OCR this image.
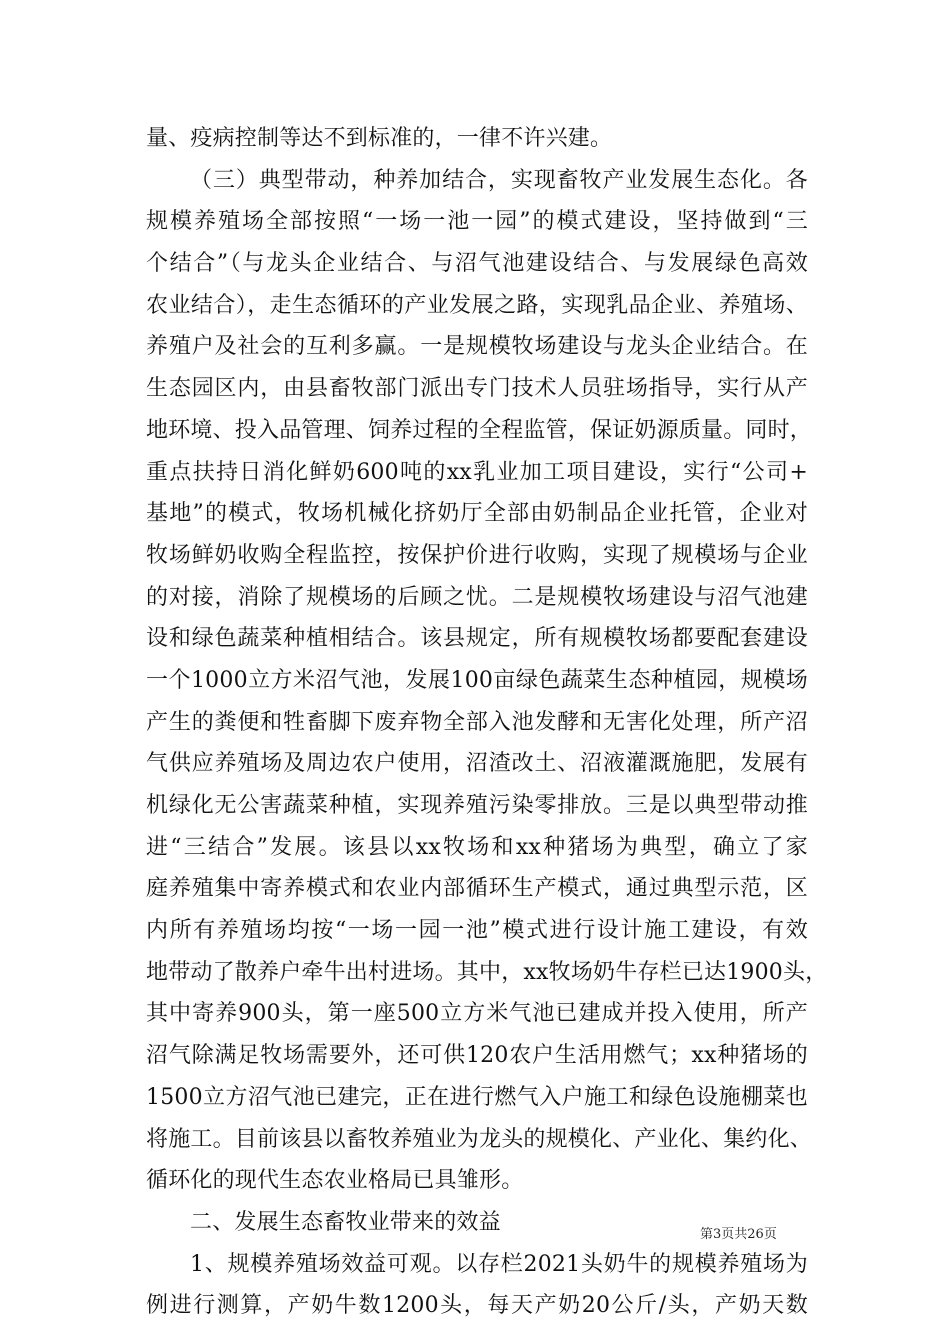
量、疫病控制等达不到标准的，一律不许兴建。
（三）典型带动，种养加结合，实现畜牧产业发展生态化。各
规模养殖场全部按照“一场一池一园”的模式建设，坚持做到“三
个结合”（与龙头企业结合、与沼气池建设结合、与发展绿色高效
农业结合），走生态循环的产业发展之路，实现乳品企业、养殖场、
养殖户及社会的互利多赢。一是规模牧场建设与龙头企业结合。在
生态园区内，由县畜牧部门派出专门技术人员驻场指导，实行从产
地环境、投入品管理、饲养过程的全程监管，保证奶源质量。同时，
重点扶持日消化鲜奶600吨的xx乳业加工项目建设，实行“公司+
基地”的模式，牧场机械化挤奶厅全部由奶制品企业托管，企业对
牧场鲜奶收购全程监控，按保护价进行收购，实现了规模场与企业
的对接，消除了规模场的后顾之忧。二是规模牧场建设与沼气池建
设和绿色蔬菜种植相结合。该县规定，所有规模牧场都要配套建设
一个1000立方米沼气池，发展100亩绿色蔬菜生态种植园，规模场
产生的粪便和牲畜脚下废弃物全部入池发酵和无害化处理，所产沼
气供应养殖场及周边农户使用，沼渣改土、沼液灌溉施肥，发展有
机绿化无公害蔬菜种植，实现养殖污染零排放。三是以典型带动推
进“三结合”发展。该县以xx牧场和xx种猪场为典型，确立了家
庭养殖集中寄养模式和农业内部循环生产模式，通过典型示范，区
内所有养殖场均按“一场一园一池”模式进行设计施工建设，有效
地带动了散养户牵牛出村进场。其中，xx牧场奶牛存栏已达1900头，
其中寄养900头，第一座500立方米气池已建成并投入使用，所产
沼气除满足牧场需要外，还可供120农户生活用燃气；xx种猪场的
1500立方沼气池已建完，正在进行燃气入户施工和绿色设施棚菜也
将施工。目前该县以畜牧养殖业为龙头的规模化、产业化、集约化、
循环化的现代生态农业格局已具雏形。
二、发展生态畜牧业带来的效益
1、规模养殖场效益可观。以存栏2021头奶牛的规模养殖场为
例进行测算，产奶牛数1200头，每天产奶20公斤/头，产奶天数
第3页共26页
